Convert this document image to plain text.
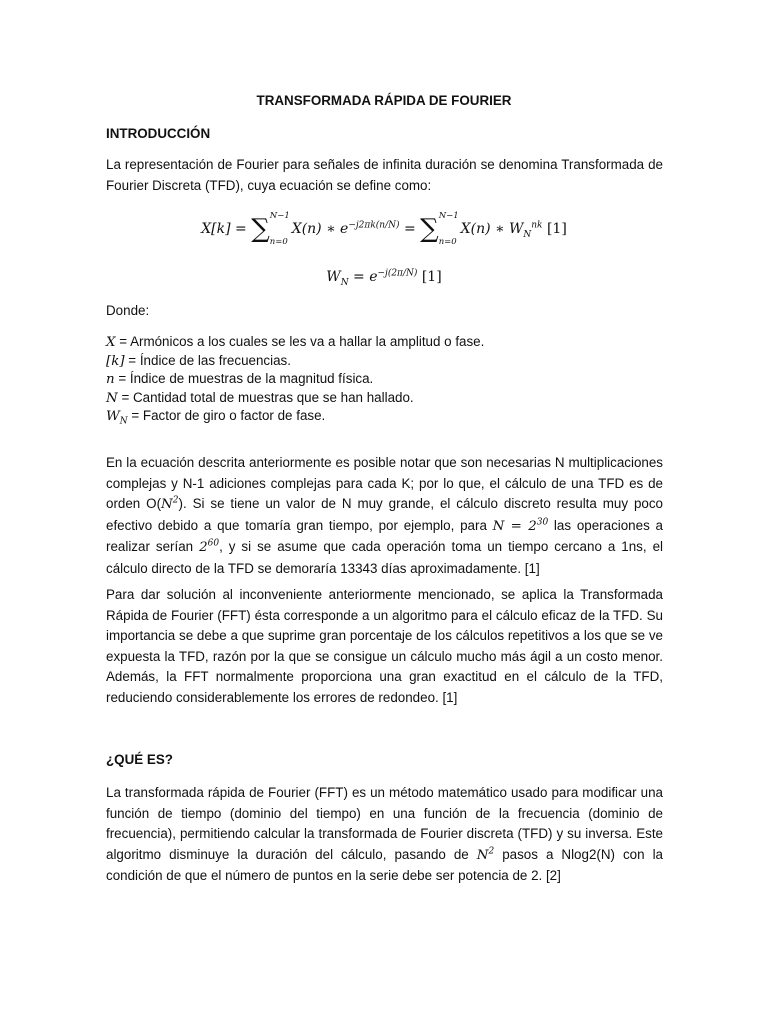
TRANSFORMADA RÁPIDA DE FOURIER
INTRODUCCIÓN

La representación de Fourier para señales de infinita duración se denomina Transformada de Fourier Discreta (TFD), cuya ecuación se define como:

X[k] = ∑ N−1
n=0
X(n) ∗ $e^{-j2\pi k(n/N)}$ = ∑ N−1
n=0
X(n) ∗ $W_N^{nk}$ [1]
$W_N = e^{-j(2\pi/N)}$ [1]
Donde:
X = Armónicos a los cuales se les va a hallar la amplitud o fase.
[k] = Índice de las frecuencias.
n = Índice de muestras de la magnitud física.
N = Cantidad total de muestras que se han hallado.
$W_N$ = Factor de giro o factor de fase.

En la ecuación descrita anteriormente es posible notar que son necesarias N multiplicaciones complejas y N-1 adiciones complejas para cada K; por lo que, el cálculo de una TFD es de orden $O(N^2)$. Si se tiene un valor de N muy grande, el cálculo discreto resulta muy poco efectivo debido a que tomaría gran tiempo, por ejemplo, para $N = 2^{30}$ las operaciones a realizar serían $2^{60}$, y si se asume que cada operación toma un tiempo cercano a 1ns, el cálculo directo de la TFD se demoraría 13343 días aproximadamente. [1]

Para dar solución al inconveniente anteriormente mencionado, se aplica la Transformada Rápida de Fourier (FFT) ésta corresponde a un algoritmo para el cálculo eficaz de la TFD. Su importancia se debe a que suprime gran porcentaje de los cálculos repetitivos a los que se ve expuesta la TFD, razón por la que se consigue un cálculo mucho más ágil a un costo menor. Además, la FFT normalmente proporciona una gran exactitud en el cálculo de la TFD, reduciendo considerablemente los errores de redondeo. [1]

¿QUÉ ES?

La transformada rápida de Fourier (FFT) es un método matemático usado para modificar una función de tiempo (dominio del tiempo) en una función de la frecuencia (dominio de frecuencia), permitiendo calcular la transformada de Fourier discreta (TFD) y su inversa. Este algoritmo disminuye la duración del cálculo, pasando de $N^2$ pasos a Nlog2(N) con la condición de que el número de puntos en la serie debe ser potencia de 2. [2]
